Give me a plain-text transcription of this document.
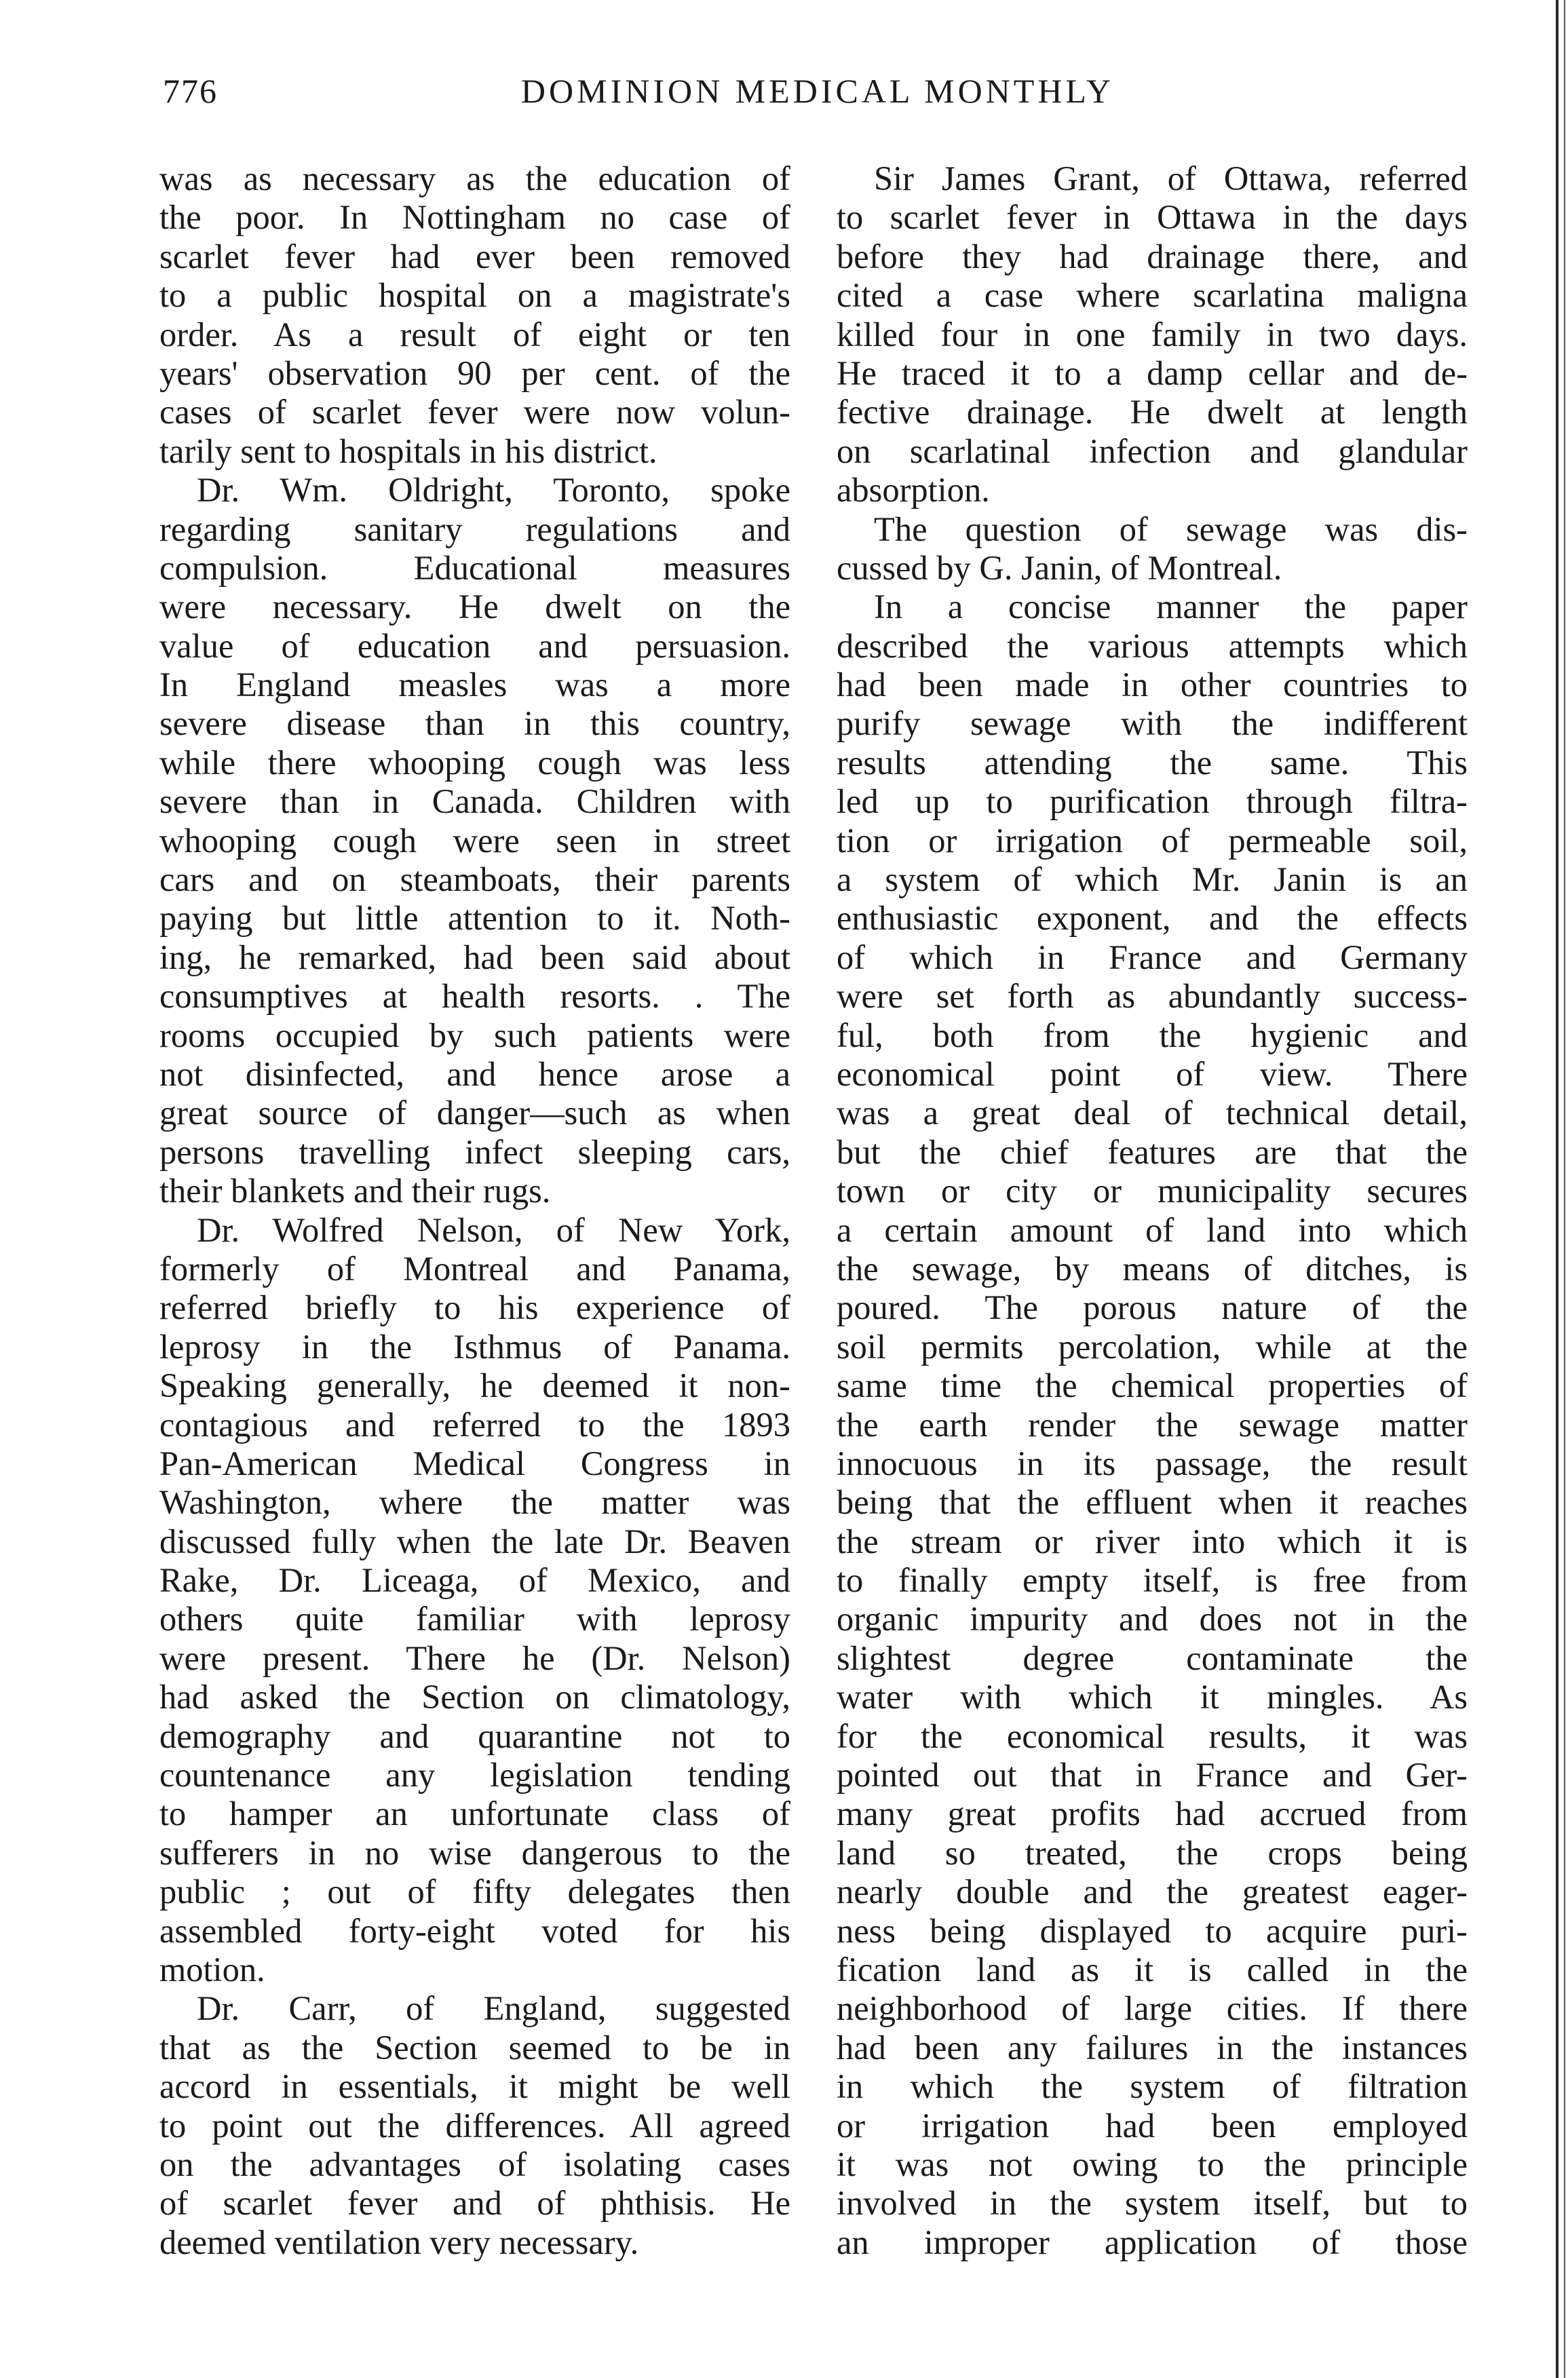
776	DOMINION MEDICAL MONTHLY
was as necessary as the education of
the poor. In Nottingham no case of
scarlet fever had ever been removed
to a public hospital on a magistrate's
order. As a result of eight or ten
years' observation 90 per cent. of the
cases of scarlet fever were now volun-
tarily sent to hospitals in his district.
Dr. Wm. Oldright, Toronto, spoke
regarding sanitary regulations and
compulsion. Educational measures
were necessary. He dwelt on the
value of education and persuasion.
In England measles was a more
severe disease than in this country,
while there whooping cough was less
severe than in Canada. Children with
whooping cough were seen in street
cars and on steamboats, their parents
paying but little attention to it. Noth-
ing, he remarked, had been said about
consumptives at health resorts. . The
rooms occupied by such patients were
not disinfected, and hence arose a
great source of danger—such as when
persons travelling infect sleeping cars,
their blankets and their rugs.
Dr. Wolfred Nelson, of New York,
formerly of Montreal and Panama,
referred briefly to his experience of
leprosy in the Isthmus of Panama.
Speaking generally, he deemed it non-
contagious and referred to the 1893
Pan-American Medical Congress in
Washington, where the matter was
discussed fully when the late Dr. Beaven
Rake, Dr. Liceaga, of Mexico, and
others quite familiar with leprosy
were present. There he (Dr. Nelson)
had asked the Section on climatology,
demography and quarantine not to
countenance any legislation tending
to hamper an unfortunate class of
sufferers in no wise dangerous to the
public ; out of fifty delegates then
assembled forty-eight voted for his
motion.
Dr. Carr, of England, suggested
that as the Section seemed to be in
accord in essentials, it might be well
to point out the differences. All agreed
on the advantages of isolating cases
of scarlet fever and of phthisis. He
deemed ventilation very necessary.
Sir James Grant, of Ottawa, referred
to scarlet fever in Ottawa in the days
before they had drainage there, and
cited a case where scarlatina maligna
killed four in one family in two days.
He traced it to a damp cellar and de-
fective drainage. He dwelt at length
on scarlatinal infection and glandular
absorption.
The question of sewage was dis-
cussed by G. Janin, of Montreal.
In a concise manner the paper
described the various attempts which
had been made in other countries to
purify sewage with the indifferent
results attending the same. This
led up to purification through filtra-
tion or irrigation of permeable soil,
a system of which Mr. Janin is an
enthusiastic exponent, and the effects
of which in France and Germany
were set forth as abundantly success-
ful, both from the hygienic and
economical point of view. There
was a great deal of technical detail,
but the chief features are that the
town or city or municipality secures
a certain amount of land into which
the sewage, by means of ditches, is
poured. The porous nature of the
soil permits percolation, while at the
same time the chemical properties of
the earth render the sewage matter
innocuous in its passage, the result
being that the effluent when it reaches
the stream or river into which it is
to finally empty itself, is free from
organic impurity and does not in the
slightest degree contaminate the
water with which it mingles. As
for the economical results, it was
pointed out that in France and Ger-
many great profits had accrued from
land so treated, the crops being
nearly double and the greatest eager-
ness being displayed to acquire puri-
fication land as it is called in the
neighborhood of large cities. If there
had been any failures in the instances
in which the system of filtration
or irrigation had been employed
it was not owing to the principle
involved in the system itself, but to
an improper application of those
